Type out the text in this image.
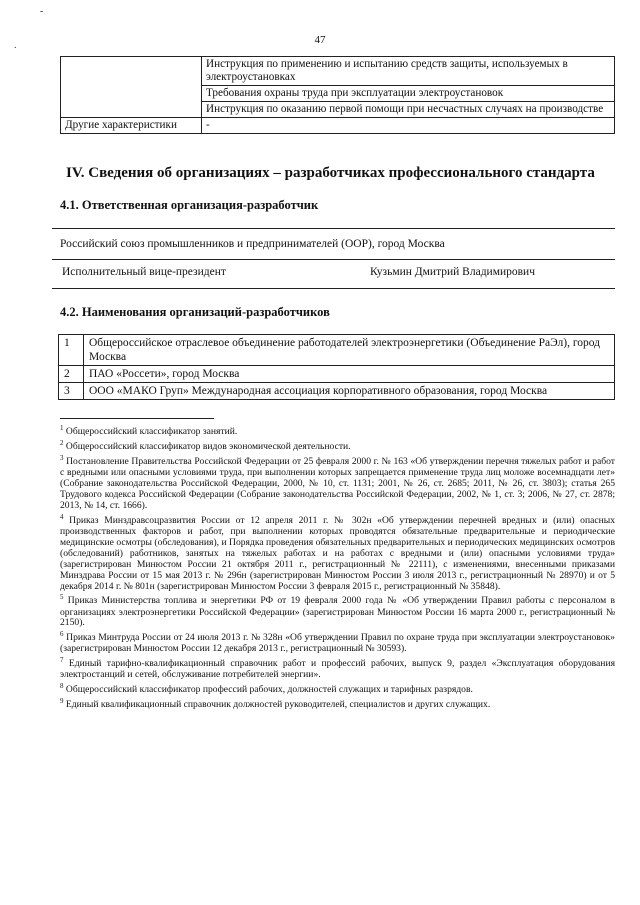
47
-
.
	Инструкция по применению и испытанию средств защиты, используемых в электроустановках
	Требования охраны труда при эксплуатации электроустановок
	Инструкция по оказанию первой помощи при несчастных случаях на производстве
Другие характеристики	-
IV. Сведения об организациях – разработчиках профессионального стандарта
4.1. Ответственная организация-разработчик
Российский союз промышленников и предпринимателей (ООР), город Москва
Исполнительный вице-президент	Кузьмин Дмитрий Владимирович
4.2. Наименования организаций-разработчиков
1	Общероссийское отраслевое объединение работодателей электроэнергетики (Объединение РаЭл), город Москва
2	ПАО «Россети», город Москва
3	ООО «МАКО Груп» Международная ассоциация корпоративного образования, город Москва

$^1$ Общероссийский классификатор занятий.

$^2$ Общероссийский классификатор видов экономической деятельности.

$^3$ Постановление Правительства Российской Федерации от 25 февраля 2000 г. № 163 «Об утверждении перечня тяжелых работ и работ с вредными или опасными условиями труда, при выполнении которых запрещается применение труда лиц моложе восемнадцати лет» (Собрание законодательства Российской Федерации, 2000, № 10, ст. 1131; 2001, № 26, ст. 2685; 2011, № 26, ст. 3803); статья 265 Трудового кодекса Российской Федерации (Собрание законодательства Российской Федерации, 2002, № 1, ст. 3; 2006, № 27, ст. 2878; 2013, № 14, ст. 1666).

$^4$ Приказ Минздравсоцразвития России от 12 апреля 2011 г. № 302н «Об утверждении перечней вредных и (или) опасных производственных факторов и работ, при выполнении которых проводятся обязательные предварительные и периодические медицинские осмотры (обследования), и Порядка проведения обязательных предварительных и периодических медицинских осмотров (обследований) работников, занятых на тяжелых работах и на работах с вредными и (или) опасными условиями труда» (зарегистрирован Минюстом России 21 октября 2011 г., регистрационный № 22111), с изменениями, внесенными приказами Минздрава России от 15 мая 2013 г. № 296н (зарегистрирован Минюстом России 3 июля 2013 г., регистрационный № 28970) и от 5 декабря 2014 г. № 801н (зарегистрирован Минюстом России 3 февраля 2015 г., регистрационный № 35848).

$^5$ Приказ Министерства топлива и энергетики РФ от 19 февраля 2000 года № «Об утверждении Правил работы с персоналом в организациях электроэнергетики Российской Федерации» (зарегистрирован Минюстом России 16 марта 2000 г., регистрационный № 2150).

$^6$ Приказ Минтруда России от 24 июля 2013 г. № 328н «Об утверждении Правил по охране труда при эксплуатации электроустановок» (зарегистрирован Минюстом России 12 декабря 2013 г., регистрационный № 30593).

$^7$ Единый тарифно-квалификационный справочник работ и профессий рабочих, выпуск 9, раздел «Эксплуатация оборудования электростанций и сетей, обслуживание потребителей энергии».

$^8$ Общероссийский классификатор профессий рабочих, должностей служащих и тарифных разрядов.

$^9$ Единый квалификационный справочник должностей руководителей, специалистов и других служащих.
